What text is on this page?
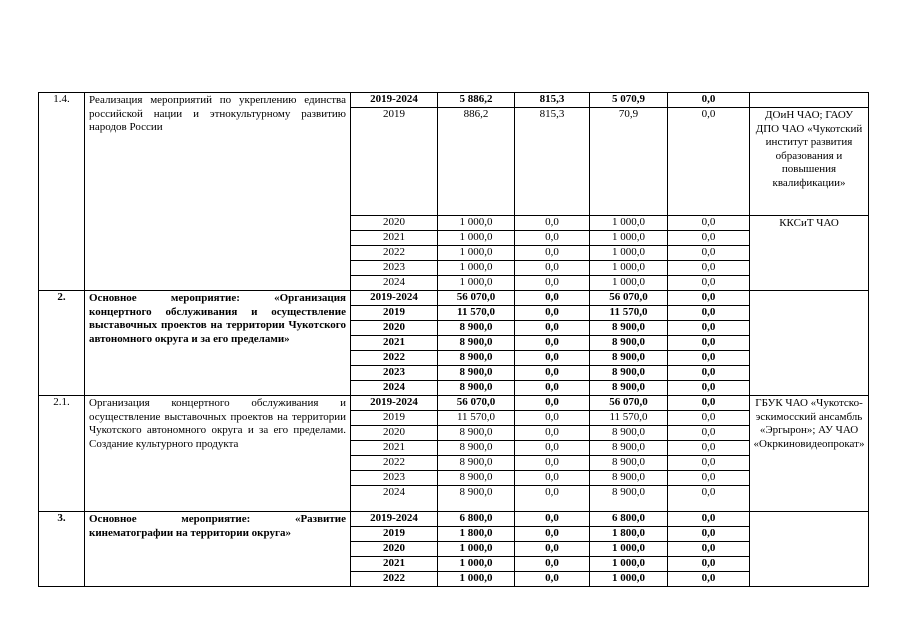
1.4.	Реализация мероприятий по укреплению единства российской нации и этнокультурному развитию народов России	2019-2024	5 886,2	815,3	5 070,9	0,0	
		2019	886,2	815,3	70,9	0,0	ДОиН ЧАО; ГАОУ ДПО ЧАО «Чукотский институт развития образования и повышения квалификации»
		2020	1 000,0	0,0	1 000,0	0,0	ККСиТ ЧАО
		2021	1 000,0	0,0	1 000,0	0,0	
		2022	1 000,0	0,0	1 000,0	0,0	
		2023	1 000,0	0,0	1 000,0	0,0	
		2024	1 000,0	0,0	1 000,0	0,0	
2.	Основное мероприятие: «Организация концертного обслуживания и осуществление выставочных проектов на территории Чукотского автономного округа и за его пределами»	2019-2024	56 070,0	0,0	56 070,0	0,0	
		2019	11 570,0	0,0	11 570,0	0,0	
		2020	8 900,0	0,0	8 900,0	0,0	
		2021	8 900,0	0,0	8 900,0	0,0	
		2022	8 900,0	0,0	8 900,0	0,0	
		2023	8 900,0	0,0	8 900,0	0,0	
		2024	8 900,0	0,0	8 900,0	0,0	
2.1.	Организация концертного обслуживания и осуществление выставочных проектов на территории Чукотского автономного округа и за его пределами. Создание культурного продукта	2019-2024	56 070,0	0,0	56 070,0	0,0	ГБУК ЧАО «Чукотско-эскимосский ансамбль «Эргырон»; АУ ЧАО «Окркиновидеопрокат»
		2019	11 570,0	0,0	11 570,0	0,0	
		2020	8 900,0	0,0	8 900,0	0,0	
		2021	8 900,0	0,0	8 900,0	0,0	
		2022	8 900,0	0,0	8 900,0	0,0	
		2023	8 900,0	0,0	8 900,0	0,0	
		2024	8 900,0	0,0	8 900,0	0,0	
3.	Основное мероприятие: «Развитие кинематографии на территории округа»	2019-2024	6 800,0	0,0	6 800,0	0,0	
		2019	1 800,0	0,0	1 800,0	0,0	
		2020	1 000,0	0,0	1 000,0	0,0	
		2021	1 000,0	0,0	1 000,0	0,0	
		2022	1 000,0	0,0	1 000,0	0,0	
